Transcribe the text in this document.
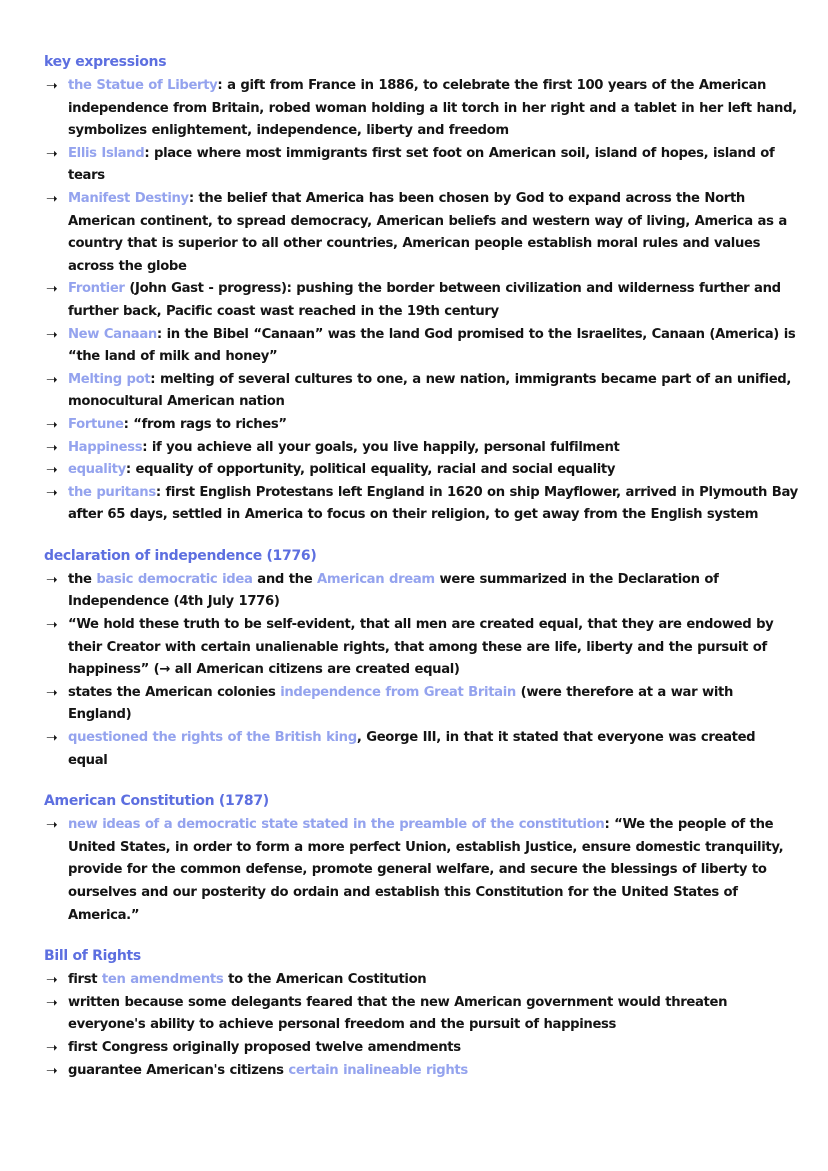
key expressions
➝ the Statue of Liberty: a gift from France in 1886, to celebrate the first 100 years of the American independence from Britain, robed woman holding a lit torch in her right and a tablet in her left hand, symbolizes enlightement, independence, liberty and freedom
➝ Ellis Island: place where most immigrants first set foot on American soil, island of hopes, island of tears
➝ Manifest Destiny: the belief that America has been chosen by God to expand across the North American continent, to spread democracy, American beliefs and western way of living, America as a country that is superior to all other countries, American people establish moral rules and values across the globe
➝ Frontier (John Gast - progress): pushing the border between civilization and wilderness further and further back, Pacific coast wast reached in the 19th century
➝ New Canaan: in the Bibel “Canaan” was the land God promised to the Israelites, Canaan (America) is “the land of milk and honey”
➝ Melting pot: melting of several cultures to one, a new nation, immigrants became part of an unified, monocultural American nation
➝ Fortune: “from rags to riches”
➝ Happiness: if you achieve all your goals, you live happily, personal fulfilment
➝ equality: equality of opportunity, political equality, racial and social equality
➝ the puritans: first English Protestans left England in 1620 on ship Mayflower, arrived in Plymouth Bay after 65 days, settled in America to focus on their religion, to get away from the English system
declaration of independence (1776)
➝ the basic democratic idea and the American dream were summarized in the Declaration of Independence (4th July 1776)
➝ “We hold these truth to be self-evident, that all men are created equal, that they are endowed by their Creator with certain unalienable rights, that among these are life, liberty and the pursuit of happiness” (→ all American citizens are created equal)
➝ states the American colonies independence from Great Britain (were therefore at a war with England)
➝ questioned the rights of the British king, George III, in that it stated that everyone was created equal
American Constitution (1787)
➝ new ideas of a democratic state stated in the preamble of the constitution: “We the people of the United States, in order to form a more perfect Union, establish Justice, ensure domestic tranquility, provide for the common defense, promote general welfare, and secure the blessings of liberty to ourselves and our posterity do ordain and establish this Constitution for the United States of America.”
Bill of Rights
➝ first ten amendments to the American Costitution
➝ written because some delegants feared that the new American government would threaten everyone's ability to achieve personal freedom and the pursuit of happiness
➝ first Congress originally proposed twelve amendments
➝ guarantee American's citizens certain inalineable rights
